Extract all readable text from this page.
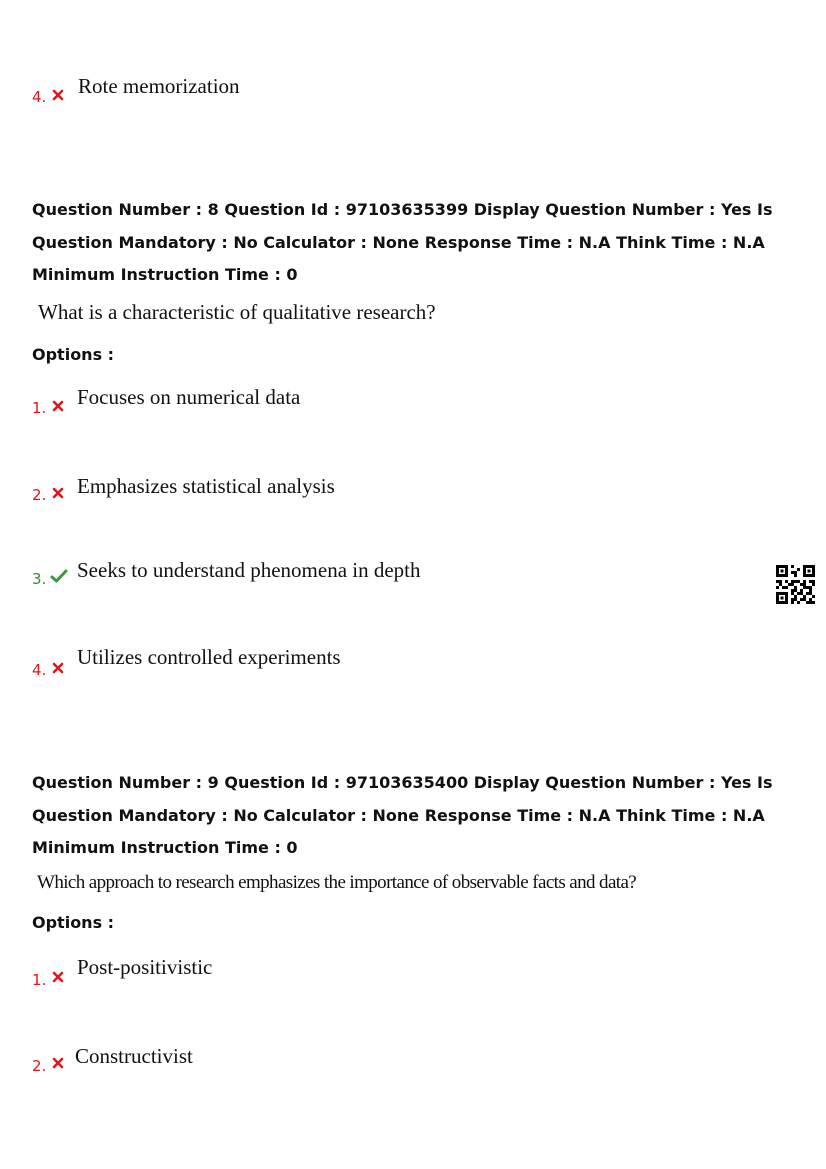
4. Rote memorization
Question Number : 8 Question Id : 97103635399 Display Question Number : Yes Is Question Mandatory : No Calculator : None Response Time : N.A Think Time : N.A Minimum Instruction Time : 0
What is a characteristic of qualitative research?
Options :
1. Focuses on numerical data
2. Emphasizes statistical analysis
3. Seeks to understand phenomena in depth
4.
Utilizes controlled experiments
Question Number : 9 Question Id : 97103635400 Display Question Number : Yes Is Question Mandatory : No Calculator : None Response Time : N.A Think Time : N.A Minimum Instruction Time : 0
Which approach to research emphasizes the importance of observable facts and data?
Options :
1.
Post-positivistic
2. Constructivist
